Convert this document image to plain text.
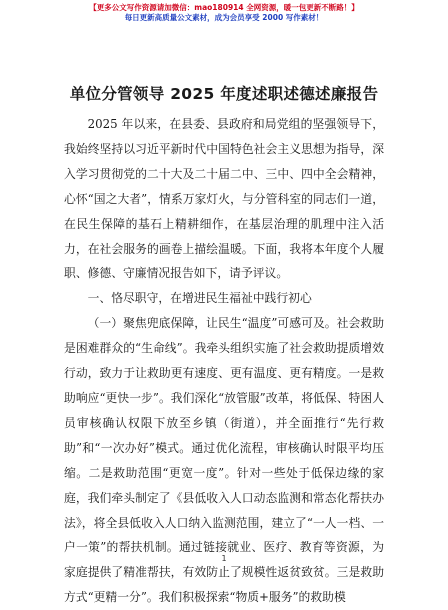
【更多公文写作资源请加微信：mao180914 全网资源，暖一包更新不断路！】
每日更新高质量公文素材，成为会员享受 2000 写作素材！
单位分管领导 2025 年度述职述德述廉报告

2025 年以来，在县委、县政府和局党组的坚强领导下，我始终坚持以习近平新时代中国特色社会主义思想为指导，深入学习贯彻党的二十大及二十届二中、三中、四中全会精神，心怀“国之大者”，情系万家灯火，与分管科室的同志们一道，在民生保障的基石上精耕细作，在基层治理的肌理中注入活力，在社会服务的画卷上描绘温暖。下面，我将本年度个人履职、修德、守廉情况报告如下，请予评议。

一、恪尽职守，在增进民生福祉中践行初心

（一）聚焦兜底保障，让民生“温度”可感可及。社会救助是困难群众的“生命线”。我牵头组织实施了社会救助提质增效行动，致力于让救助更有速度、更有温度、更有精度。一是救助响应“更快一步”。我们深化“放管服”改革，将低保、特困人员审核确认权限下放至乡镇（街道），并全面推行“先行救助”和“一次办好”模式。通过优化流程，审核确认时限平均压缩。二是救助范围“更宽一度”。针对一些处于低保边缘的家庭，我们牵头制定了《县低收入人口动态监测和常态化帮扶办法》，将全县低收入人口纳入监测范围，建立了“一人一档、一户一策”的帮扶机制。通过链接就业、医疗、教育等资源，为家庭提供了精准帮扶，有效防止了规模性返贫致贫。三是救助方式“更精一分”。我们积极探索“物质+服务”的救助模

1
